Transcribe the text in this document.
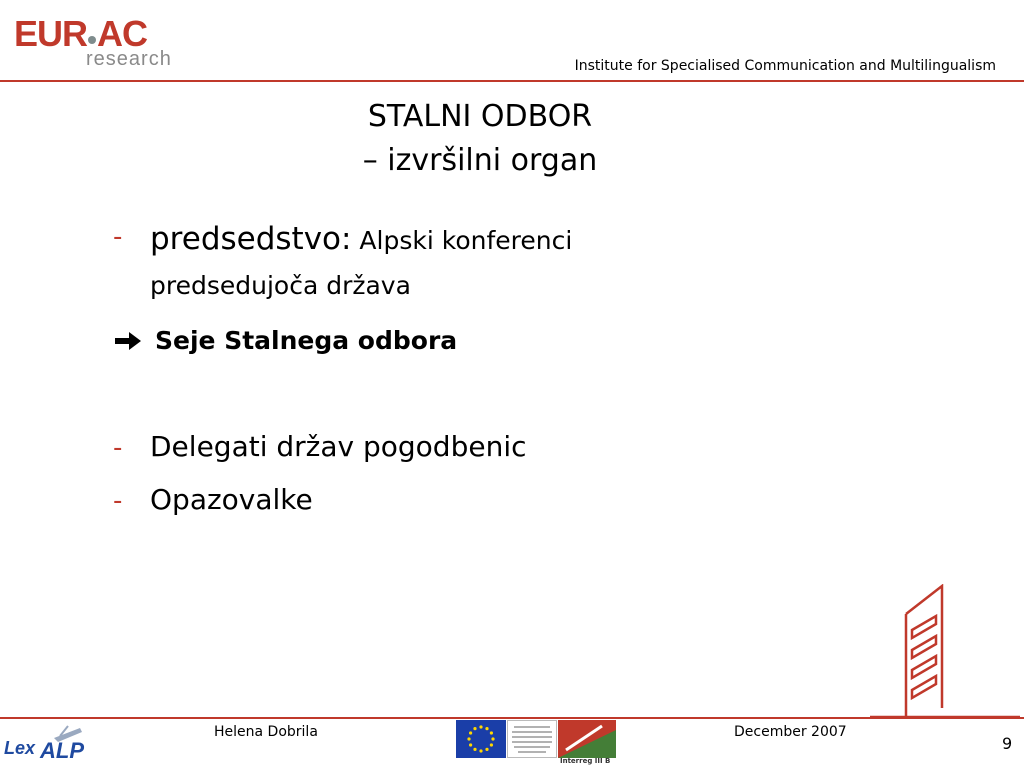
EUR AC
research	Institute for Specialised Communication and Multilingualism
STALNI ODBOR
– izvršilni organ
- predsedstvo: Alpski konferenci
predsedujoča država
Seje Stalnega odbora
- Delegati držav pogodbenic
- Opazovalke
Lex ALP
Helena Dobrila
Interreg III B
December 2007
9
